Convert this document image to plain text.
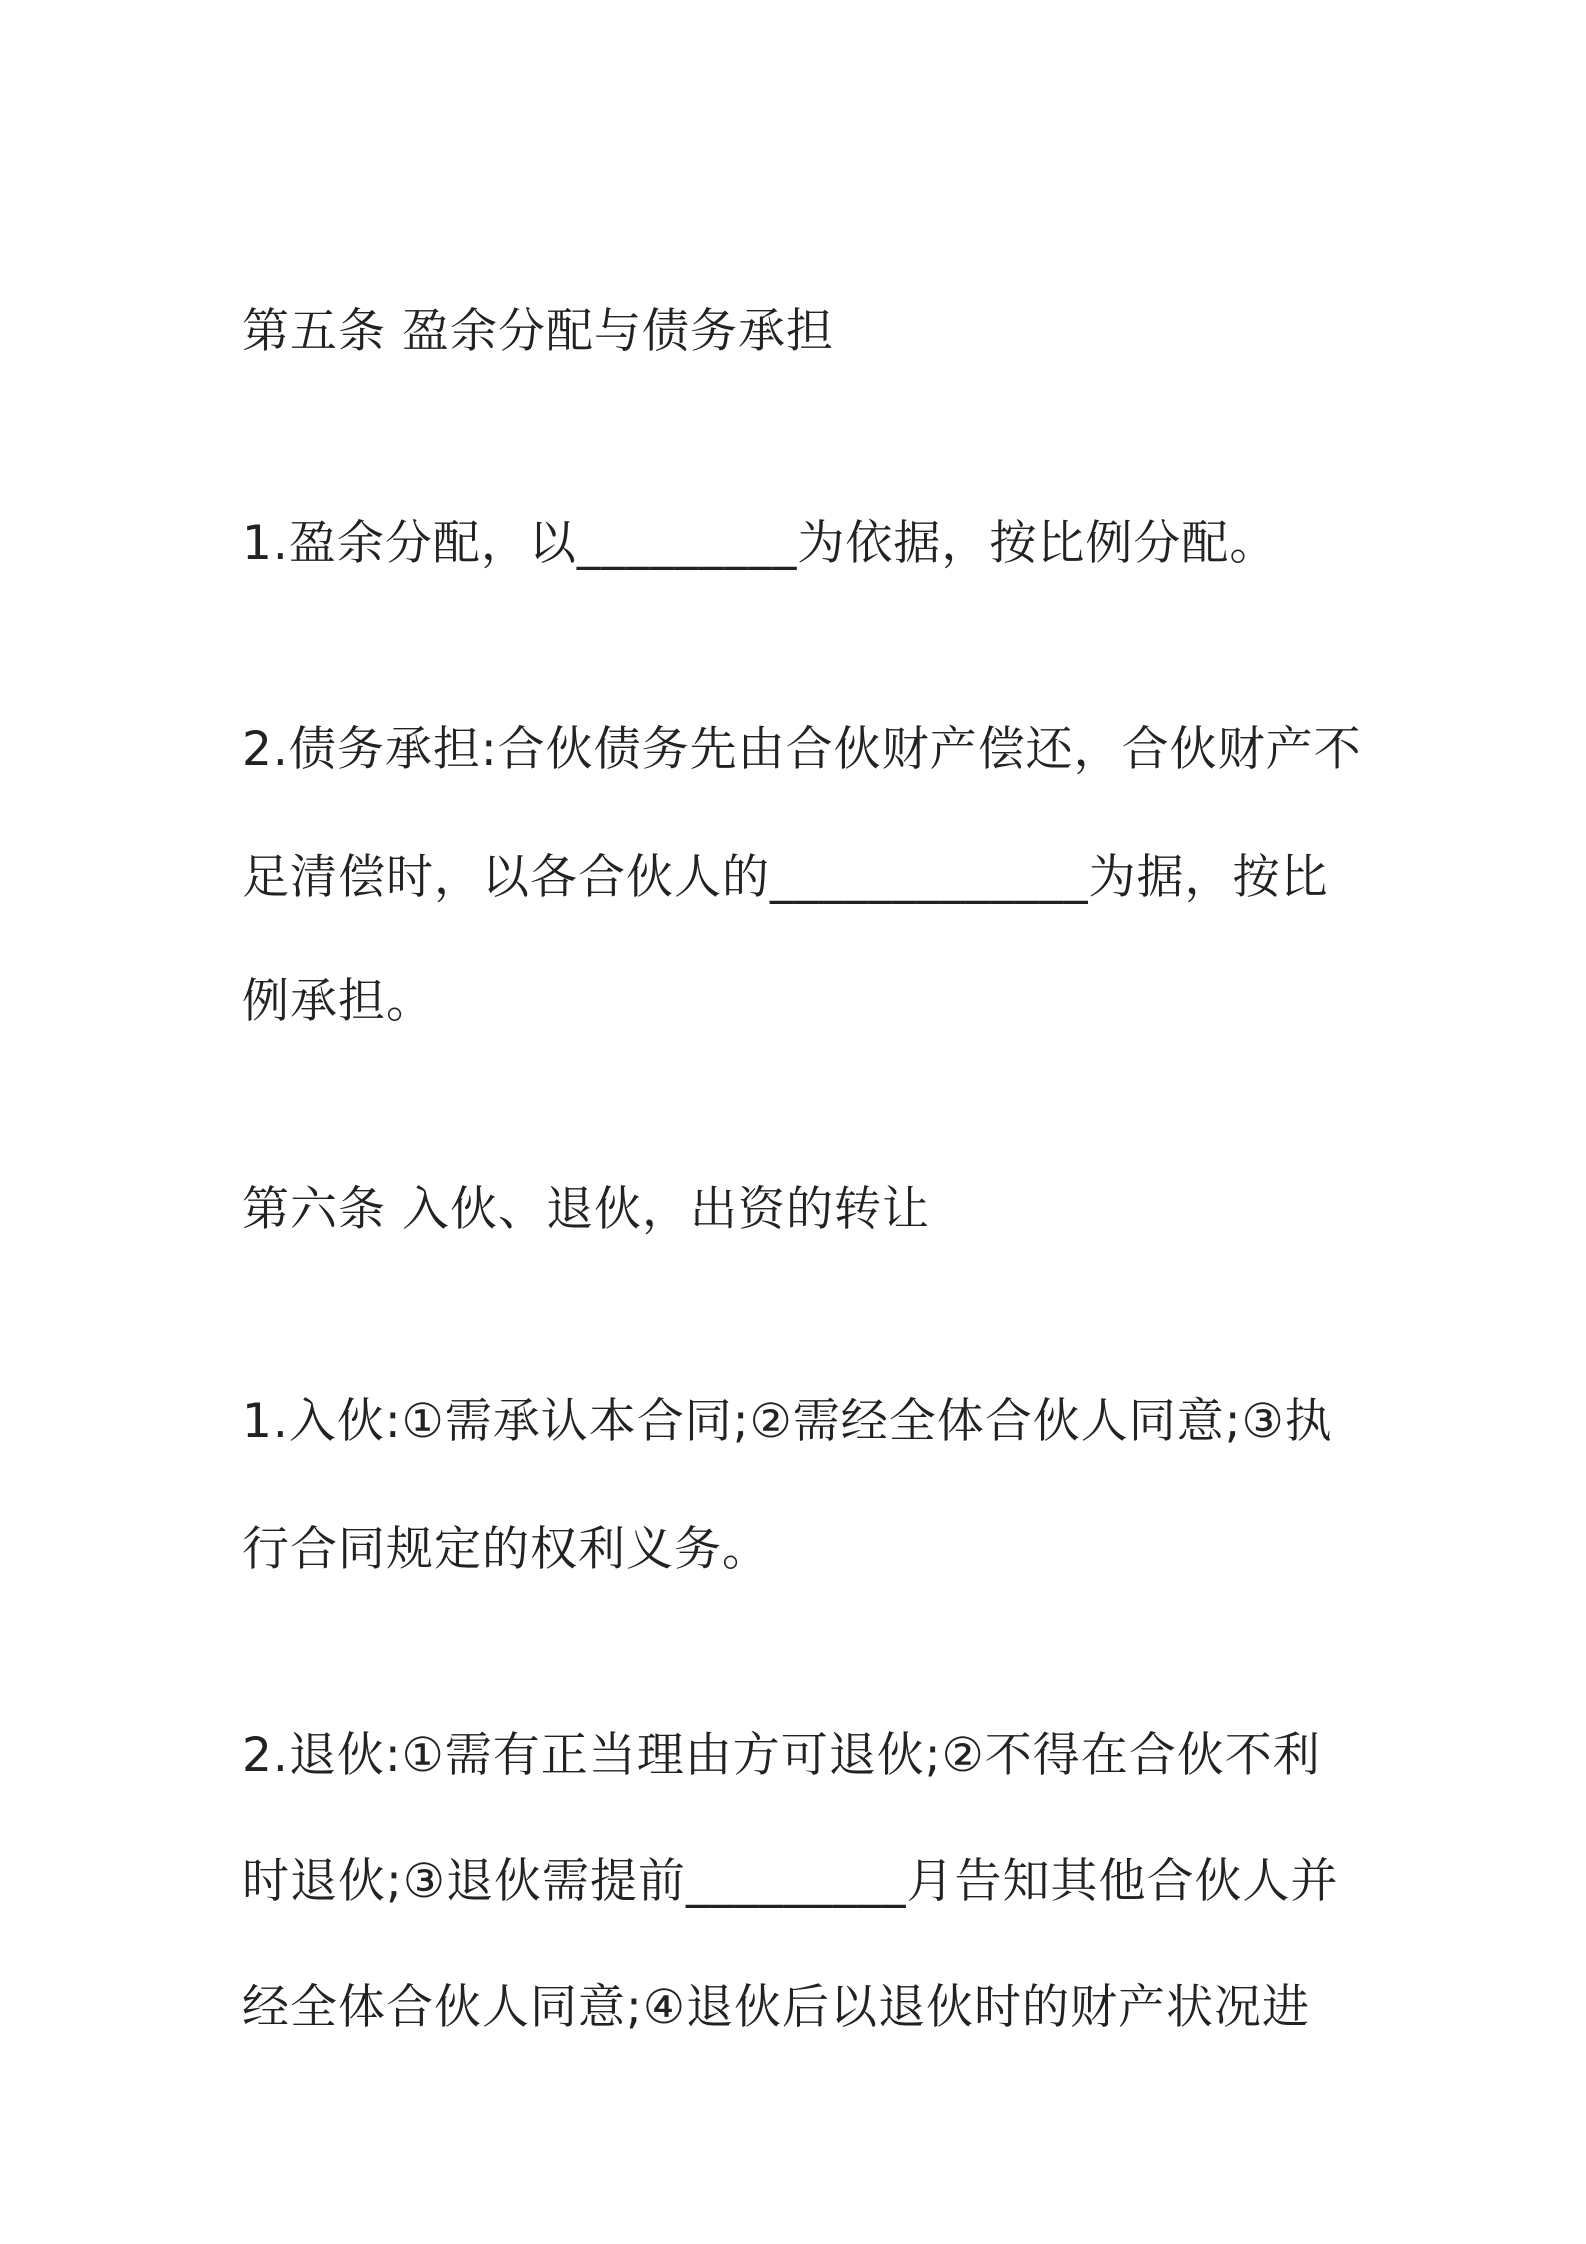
第五条 盈余分配与债务承担
1.盈余分配，以_________为依据，按比例分配。
2.债务承担:合伙债务先由合伙财产偿还，合伙财产不
足清偿时，以各合伙人的_____________为据，按比
例承担。
第六条 入伙、退伙，出资的转让
1.入伙:①需承认本合同;②需经全体合伙人同意;③执
行合同规定的权利义务。
2.退伙:①需有正当理由方可退伙;②不得在合伙不利
时退伙;③退伙需提前_________月告知其他合伙人并
经全体合伙人同意;④退伙后以退伙时的财产状况进
